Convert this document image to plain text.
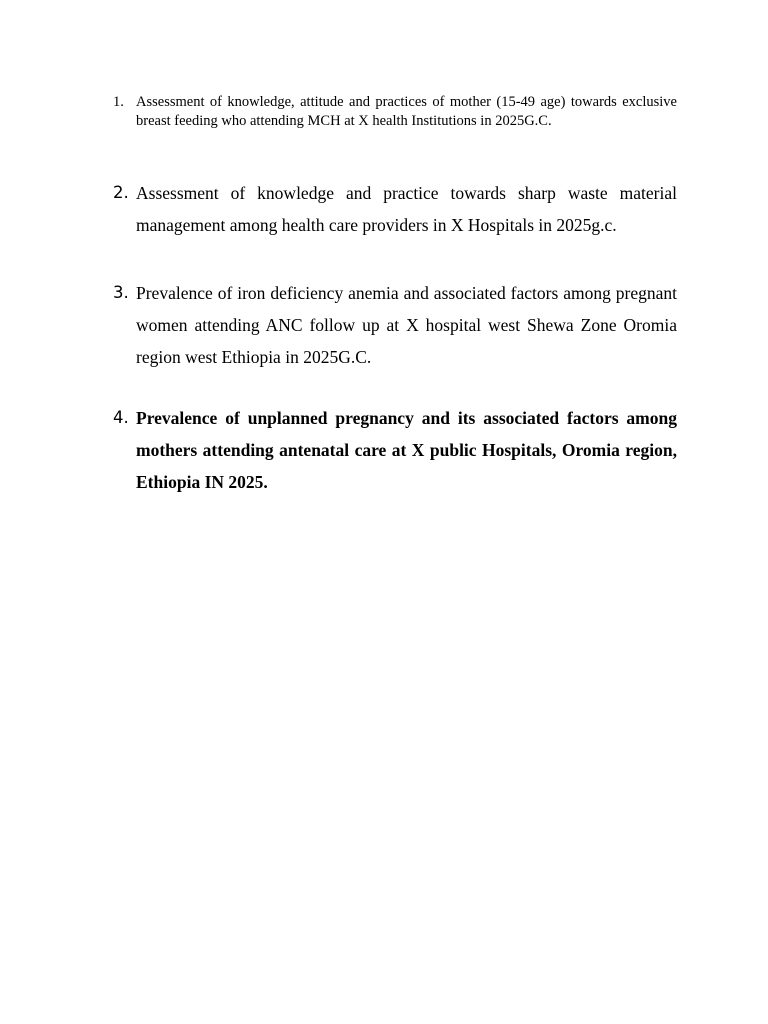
1. Assessment of knowledge, attitude and practices of mother (15-49 age) towards exclusive breast feeding who attending MCH at X health Institutions in 2025G.C.
2. Assessment of knowledge and practice towards sharp waste material management among health care providers in X Hospitals in 2025g.c.
3. Prevalence of iron deficiency anemia and associated factors among pregnant women attending ANC follow up at X hospital west Shewa Zone Oromia region west Ethiopia in 2025G.C.
4. Prevalence of unplanned pregnancy and its associated factors among mothers attending antenatal care at X public Hospitals, Oromia region, Ethiopia IN 2025.
